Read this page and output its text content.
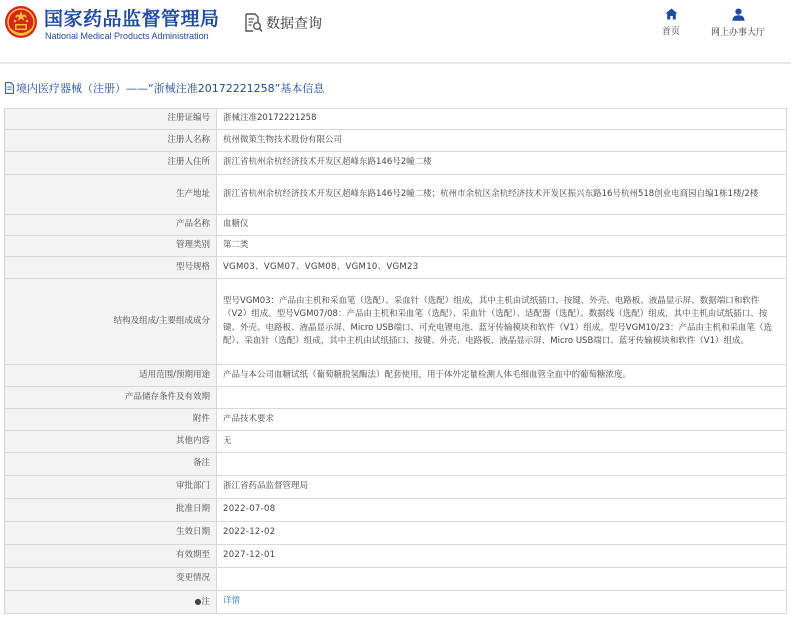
国家药品监督管理局
National Medical Products Administration
数据查询	首页	网上办事大厅
境内医疗器械（注册）——“浙械注准20172221258”基本信息
注册证编号	浙械注准20172221258
注册人名称	杭州微策生物技术股份有限公司
注册人住所	浙江省杭州余杭经济技术开发区超峰东路146号2幢二楼
生产地址	浙江省杭州余杭经济技术开发区超峰东路146号2幢二楼；杭州市余杭区余杭经济技术开发区振兴东路16号杭州518创业电商园自编1栋1楼/2楼
产品名称	血糖仪
管理类别	第二类
型号规格	VGM03、VGM07、VGM08、VGM10、VGM23
结构及组成/主要组成成分	型号VGM03：产品由主机和采血笔（选配）、采血针（选配）组成，其中主机由试纸插口、按键、外壳、电路板、液晶显示屏、数据端口和软件（V2）组成。型号VGM07/08：产品由主机和采血笔（选配）、采血针（选配）、适配器（选配）、数据线（选配）组成，其中主机由试纸插口、按键、外壳、电路板、液晶显示屏、Micro USB端口、可充电锂电池、蓝牙传输模块和软件（V1）组成。型号VGM10/23：产品由主机和采血笔（选配）、采血针（选配）组成，其中主机由试纸插口、按键、外壳、电路板、液晶显示屏、Micro USB端口、蓝牙传输模块和软件（V1）组成。
适用范围/预期用途	产品与本公司血糖试纸（葡萄糖脱氢酶法）配套使用，用于体外定量检测人体毛细血管全血中的葡萄糖浓度。
产品储存条件及有效期	
附件	产品技术要求
其他内容	无
备注	
审批部门	浙江省药品监督管理局
批准日期	2022-07-08
生效日期	2022-12-02
有效期至	2027-12-01
变更情况	
●注	详情
